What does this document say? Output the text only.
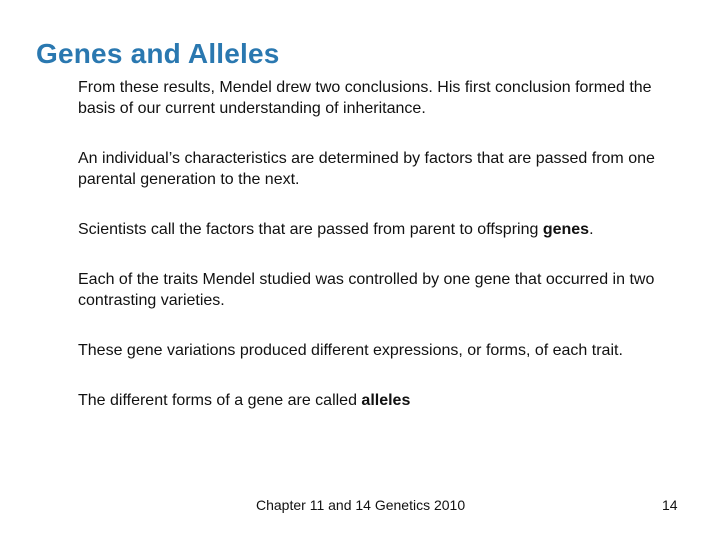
Genes and Alleles

From these results, Mendel drew two conclusions. His first conclusion formed the basis of our current understanding of inheritance.

An individual’s characteristics are determined by factors that are passed from one parental generation to the next.

Scientists call the factors that are passed from parent to offspring genes.

Each of the traits Mendel studied was controlled by one gene that occurred in two contrasting varieties.

These gene variations produced different expressions, or forms, of each trait.

The different forms of a gene are called alleles

Chapter 11 and 14 Genetics 2010	14
